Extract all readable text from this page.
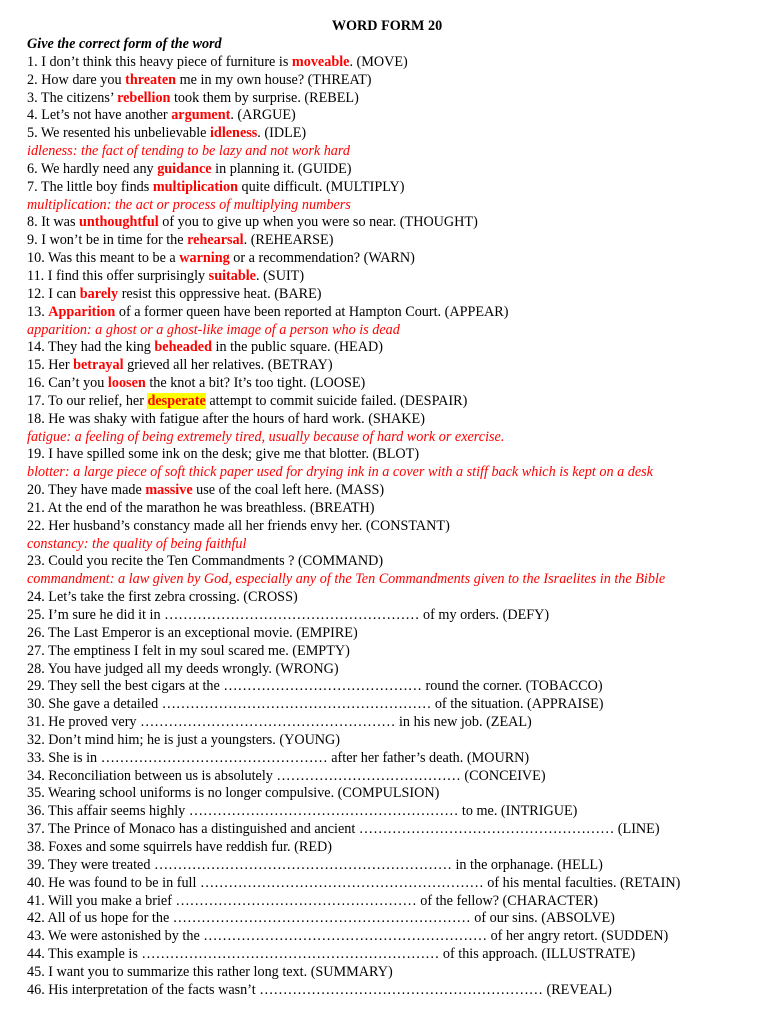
WORD FORM 20
Give the correct form of the word
1. I don’t think this heavy piece of furniture is moveable. (MOVE)
2. How dare you threaten me in my own house? (THREAT)
3. The citizens’ rebellion took them by surprise. (REBEL)
4. Let’s not have another argument. (ARGUE)
5. We resented his unbelievable idleness. (IDLE)
idleness: the fact of tending to be lazy and not work hard
6. We hardly need any guidance in planning it. (GUIDE)
7. The little boy finds multiplication quite difficult. (MULTIPLY)
multiplication: the act or process of multiplying numbers
8. It was unthoughtful of you to give up when you were so near. (THOUGHT)
9. I won’t be in time for the rehearsal. (REHEARSE)
10. Was this meant to be a warning or a recommendation? (WARN)
11. I find this offer surprisingly suitable. (SUIT)
12. I can barely resist this oppressive heat. (BARE)
13. Apparition of a former queen have been reported at Hampton Court. (APPEAR)
apparition: a ghost or a ghost-like image of a person who is dead
14. They had the king beheaded in the public square. (HEAD)
15. Her betrayal grieved all her relatives. (BETRAY)
16. Can’t you loosen the knot a bit? It’s too tight. (LOOSE)
17. To our relief, her desperate attempt to commit suicide failed. (DESPAIR)
18. He was shaky with fatigue after the hours of hard work. (SHAKE)
fatigue: a feeling of being extremely tired, usually because of hard work or exercise.
19. I have spilled some ink on the desk; give me that blotter. (BLOT)
blotter: a large piece of soft thick paper used for drying ink in a cover with a stiff back which is kept on a desk
20. They have made massive use of the coal left here. (MASS)
21. At the end of the marathon he was breathless. (BREATH)
22. Her husband’s constancy made all her friends envy her. (CONSTANT)
constancy: the quality of being faithful
23. Could you recite the Ten Commandments ? (COMMAND)
commandment: a law given by God, especially any of the Ten Commandments given to the Israelites in the Bible
24. Let’s take the first zebra crossing. (CROSS)
25. I’m sure he did it in ……………………………………………… of my orders. (DEFY)
26. The Last Emperor is an exceptional movie. (EMPIRE)
27. The emptiness I felt in my soul scared me. (EMPTY)
28. You have judged all my deeds wrongly. (WRONG)
29. They sell the best cigars at the …………………………………… round the corner. (TOBACCO)
30. She gave a detailed ………………………………………………… of the situation. (APPRAISE)
31. He proved very ……………………………………………… in his new job. (ZEAL)
32. Don’t mind him; he is just a youngsters. (YOUNG)
33. She is in ………………………………………… after her father’s death. (MOURN)
34. Reconciliation between us is absolutely ………………………………… (CONCEIVE)
35. Wearing school uniforms is no longer compulsive. (COMPULSION)
36. This affair seems highly ………………………………………………… to me. (INTRIGUE)
37. The Prince of Monaco has a distinguished and ancient ……………………………………………… (LINE)
38. Foxes and some squirrels have reddish fur. (RED)
39. They were treated ……………………………………………………… in the orphanage. (HELL)
40. He was found to be in full …………………………………………………… of his mental faculties. (RETAIN)
41. Will you make a brief …………………………………………… of the fellow? (CHARACTER)
42. All of us hope for the ……………………………………………………… of our sins. (ABSOLVE)
43. We were astonished by the …………………………………………………… of her angry retort. (SUDDEN)
44. This example is ……………………………………………………… of this approach. (ILLUSTRATE)
45. I want you to summarize this rather long text. (SUMMARY)
46. His interpretation of the facts wasn’t …………………………………………………… (REVEAL)
